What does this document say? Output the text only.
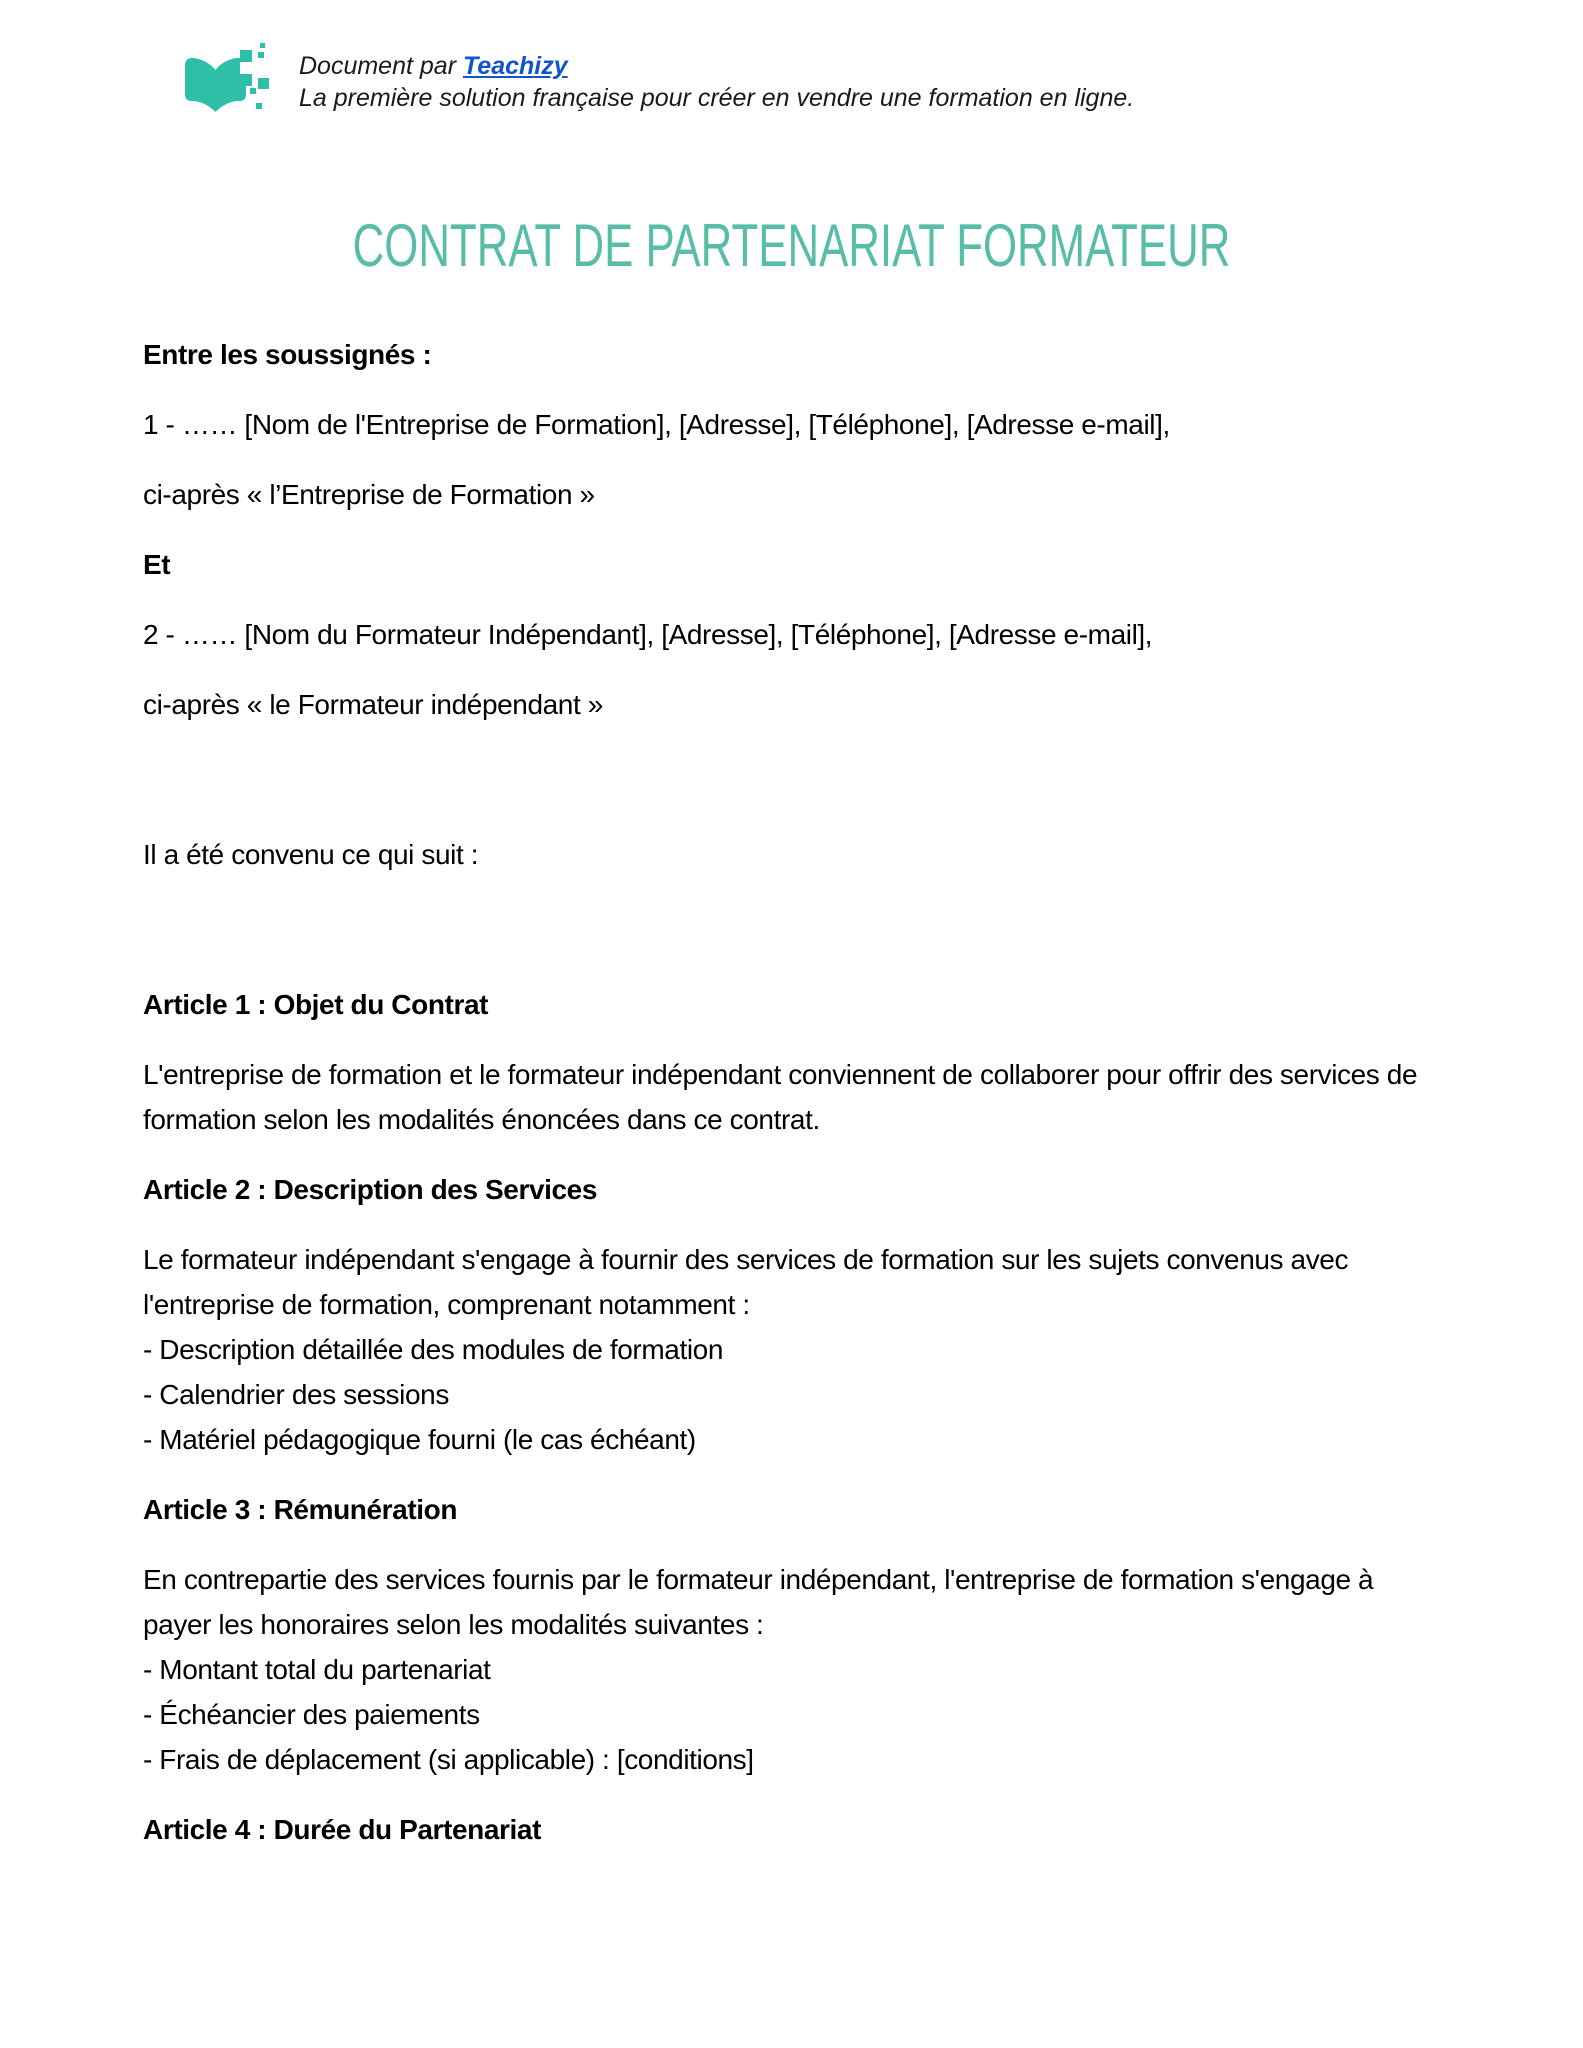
Document par Teachizy
La première solution française pour créer en vendre une formation en ligne.
CONTRAT DE PARTENARIAT FORMATEUR

Entre les soussignés :

1 - …… [Nom de l'Entreprise de Formation], [Adresse], [Téléphone], [Adresse e-mail],

ci-après « l’Entreprise de Formation »

Et

2 - …… [Nom du Formateur Indépendant], [Adresse], [Téléphone], [Adresse e-mail],

ci-après « le Formateur indépendant »

Il a été convenu ce qui suit :

Article 1 : Objet du Contrat

L'entreprise de formation et le formateur indépendant conviennent de collaborer pour offrir des services de formation selon les modalités énoncées dans ce contrat.

Article 2 : Description des Services

Le formateur indépendant s'engage à fournir des services de formation sur les sujets convenus avec l'entreprise de formation, comprenant notamment :
- Description détaillée des modules de formation
- Calendrier des sessions
- Matériel pédagogique fourni (le cas échéant)

Article 3 : Rémunération

En contrepartie des services fournis par le formateur indépendant, l'entreprise de formation s'engage à payer les honoraires selon les modalités suivantes :
- Montant total du partenariat
- Échéancier des paiements
- Frais de déplacement (si applicable) : [conditions]

Article 4 : Durée du Partenariat
